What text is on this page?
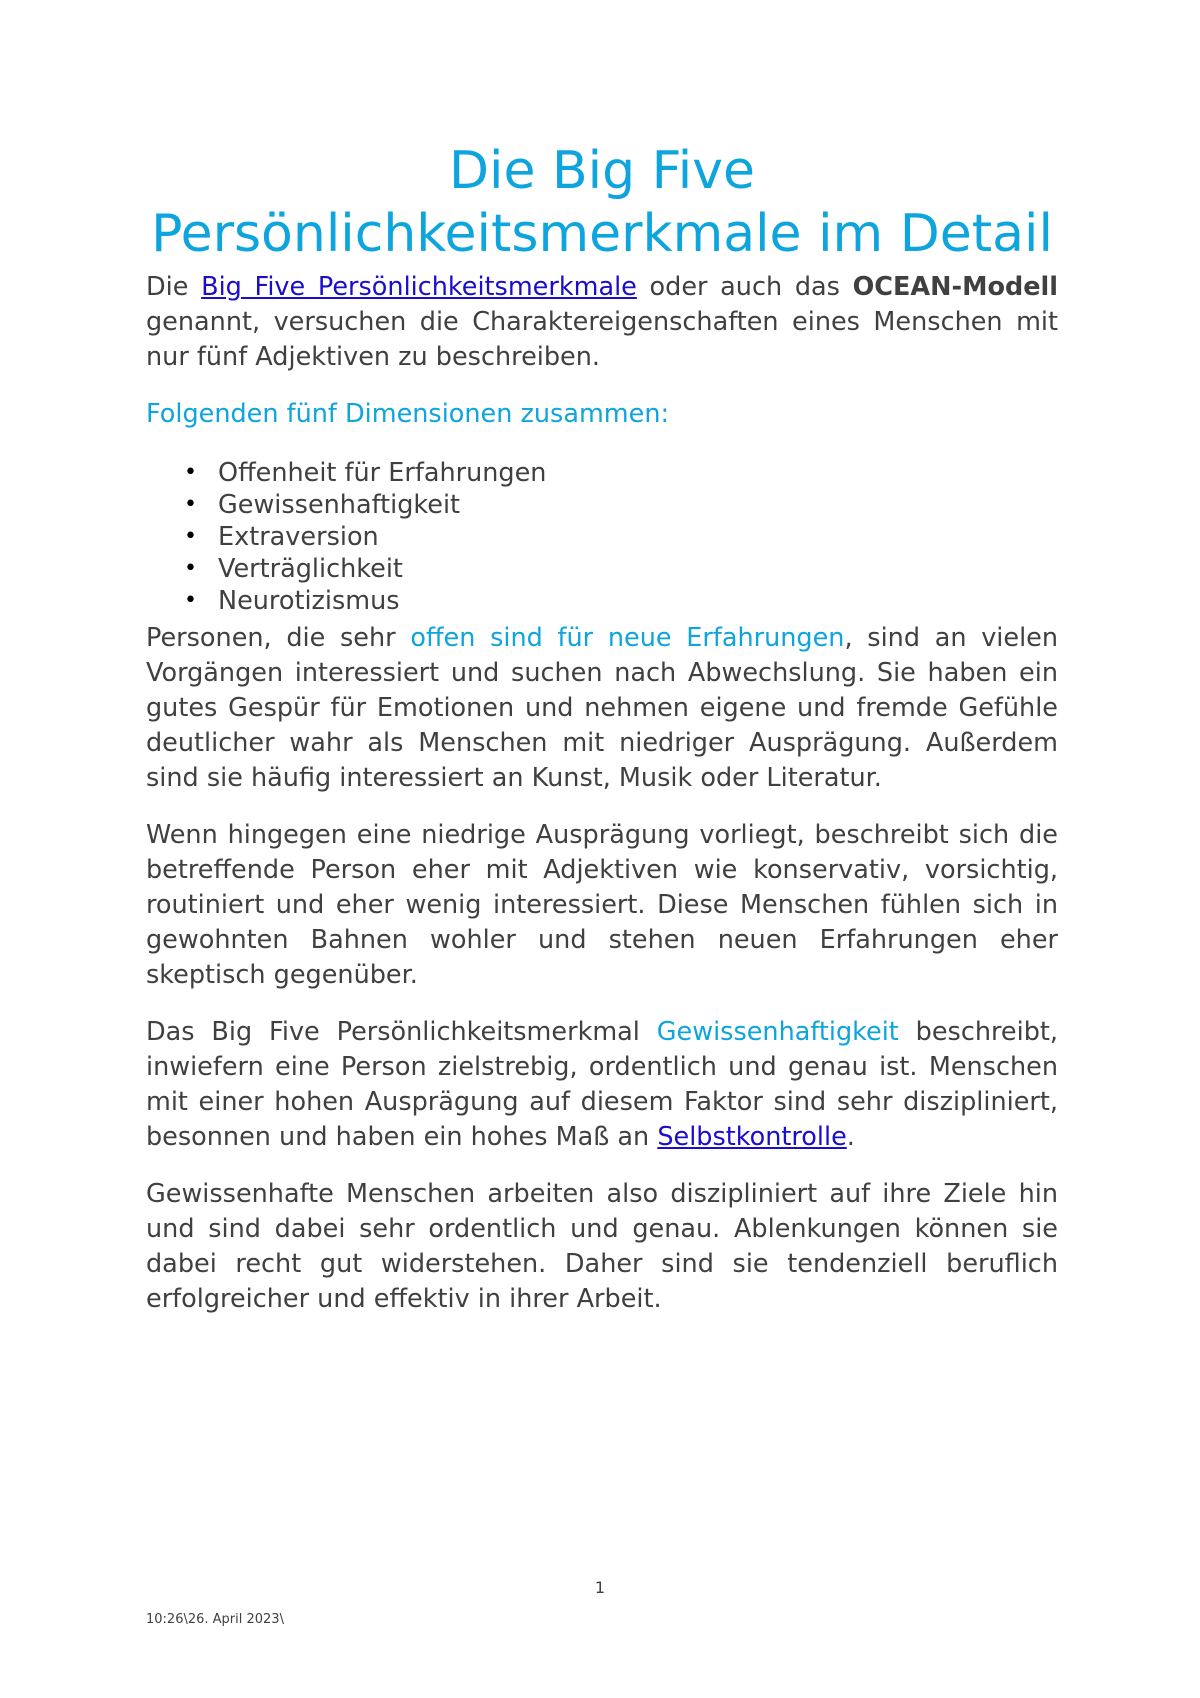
Die Big Five Persönlichkeitsmerkmale im Detail

Die Big Five Persönlichkeitsmerkmale oder auch das OCEAN-Modell genannt, versuchen die Charaktereigenschaften eines Menschen mit nur fünf Adjektiven zu beschreiben.

Folgenden fünf Dimensionen zusammen:
• Offenheit für Erfahrungen
• Gewissenhaftigkeit
• Extraversion
• Verträglichkeit
• Neurotizismus

Personen, die sehr offen sind für neue Erfahrungen, sind an vielen Vorgängen interessiert und suchen nach Abwechslung. Sie haben ein gutes Gespür für Emotionen und nehmen eigene und fremde Gefühle deutlicher wahr als Menschen mit niedriger Ausprägung. Außerdem sind sie häufig interessiert an Kunst, Musik oder Literatur.

Wenn hingegen eine niedrige Ausprägung vorliegt, beschreibt sich die betreffende Person eher mit Adjektiven wie konservativ, vorsichtig, routiniert und eher wenig interessiert. Diese Menschen fühlen sich in gewohnten Bahnen wohler und stehen neuen Erfahrungen eher skeptisch gegenüber.

Das Big Five Persönlichkeitsmerkmal Gewissenhaftigkeit beschreibt, inwiefern eine Person zielstrebig, ordentlich und genau ist. Menschen mit einer hohen Ausprägung auf diesem Faktor sind sehr diszipliniert, besonnen und haben ein hohes Maß an Selbstkontrolle.

Gewissenhafte Menschen arbeiten also diszipliniert auf ihre Ziele hin und sind dabei sehr ordentlich und genau. Ablenkungen können sie dabei recht gut widerstehen. Daher sind sie tendenziell beruflich erfolgreicher und effektiv in ihrer Arbeit.

1
10:26\26. April 2023\
